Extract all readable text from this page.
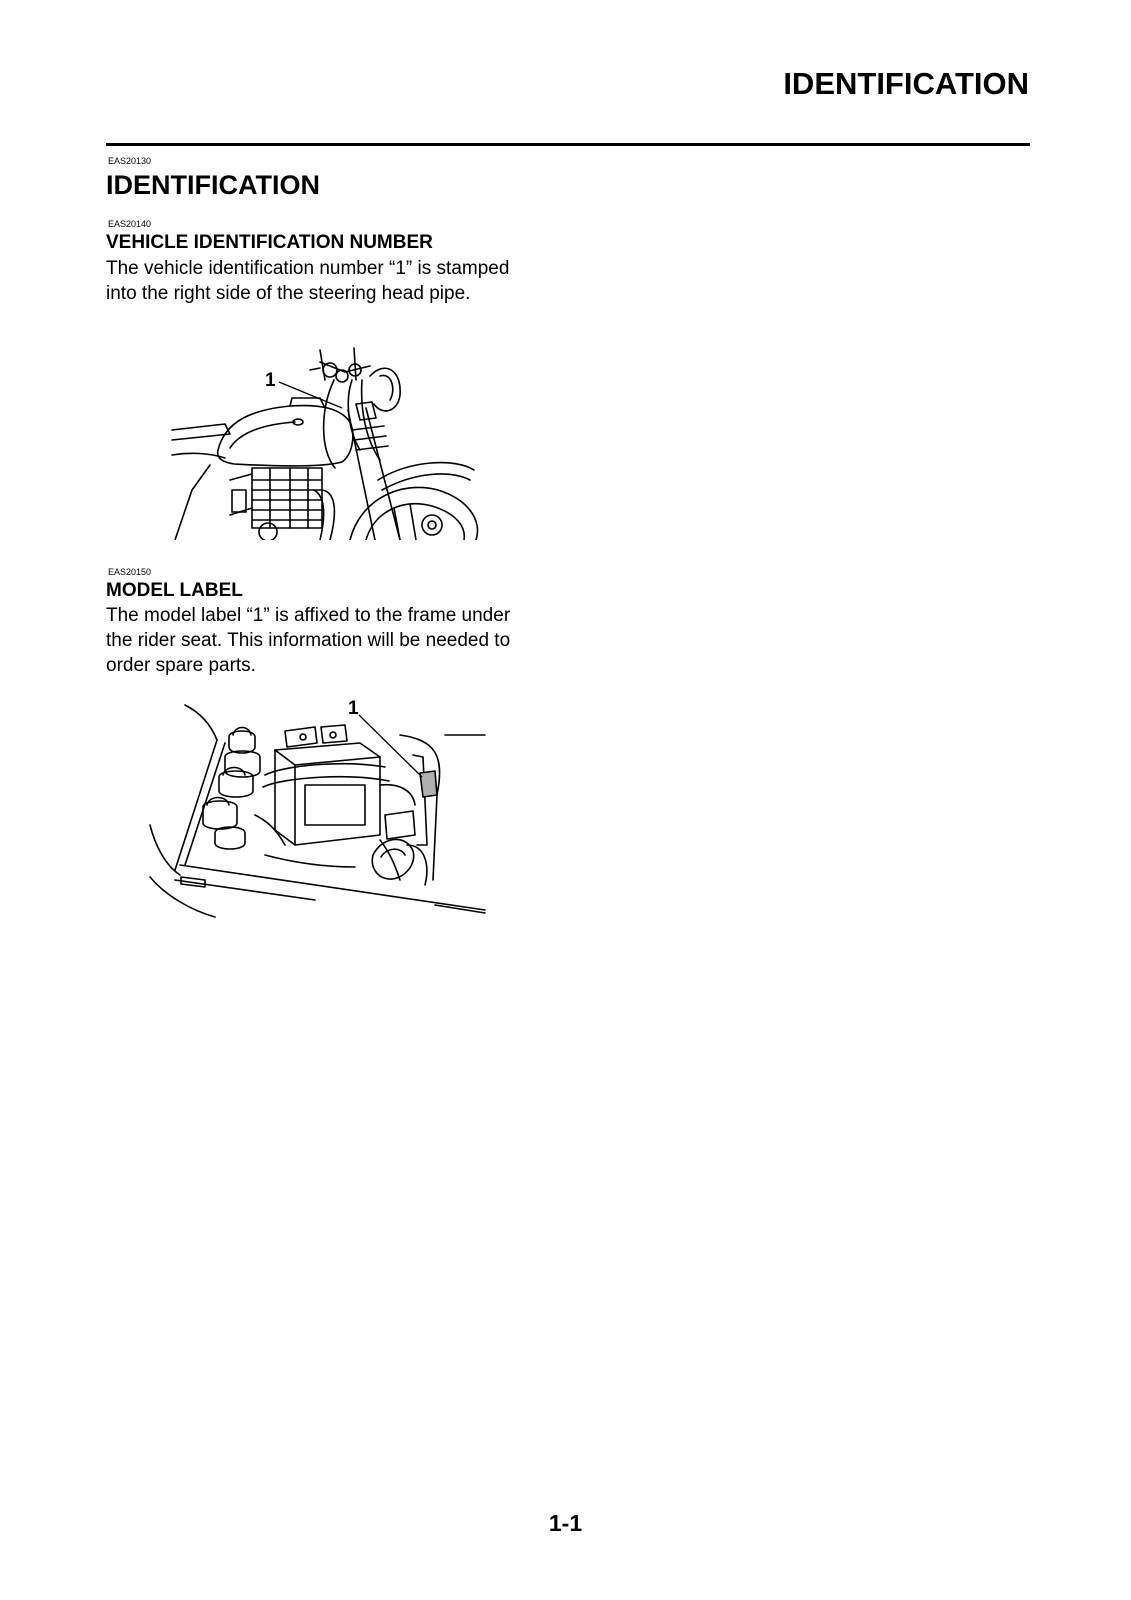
IDENTIFICATION
EAS20130
IDENTIFICATION
EAS20140
VEHICLE IDENTIFICATION NUMBER
The vehicle identification number “1” is stamped
into the right side of the steering head pipe.
1
EAS20150
MODEL LABEL
The model label “1” is affixed to the frame under
the rider seat. This information will be needed to
order spare parts.
1
1-1
